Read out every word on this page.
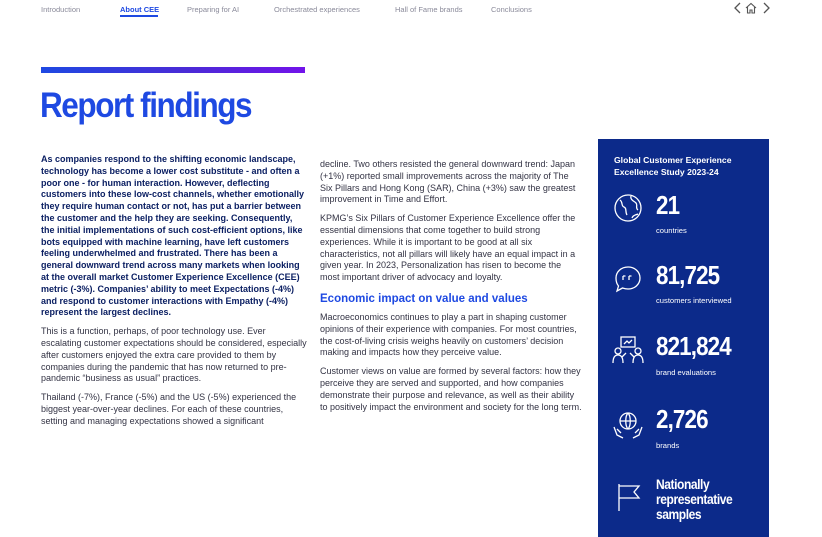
Introduction	About CEE	Preparing for AI	Orchestrated experiences	Hall of Fame brands	Conclusions
Report findings

As companies respond to the shifting economic landscape, technology has become a lower cost substitute - and often a poor one - for human interaction. However, deflecting customers into these low-cost channels, whether emotionally they require human contact or not, has put a barrier between the customer and the help they are seeking. Consequently, the initial implementations of such cost-efficient options, like bots equipped with machine learning, have left customers feeling underwhelmed and frustrated. There has been a general downward trend across many markets when looking at the overall market Customer Experience Excellence (CEE) metric (-3%). Companies’ ability to meet Expectations (-4%) and respond to customer interactions with Empathy (-4%) represent the largest declines.

This is a function, perhaps, of poor technology use. Ever escalating customer expectations should be considered, especially after customers enjoyed the extra care provided to them by companies during the pandemic that has now returned to pre-pandemic “business as usual” practices.

Thailand (-7%), France (-5%) and the US (-5%) experienced the biggest year-over-year declines. For each of these countries, setting and managing expectations showed a significant

decline. Two others resisted the general downward trend: Japan (+1%) reported small improvements across the majority of The Six Pillars and Hong Kong (SAR), China (+3%) saw the greatest improvement in Time and Effort.

KPMG’s Six Pillars of Customer Experience Excellence offer the essential dimensions that come together to build strong experiences. While it is important to be good at all six characteristics, not all pillars will likely have an equal impact in a given year. In 2023, Personalization has risen to become the most important driver of advocacy and loyalty.

Economic impact on value and values

Macroeconomics continues to play a part in shaping customer opinions of their experience with companies. For most countries, the cost-of-living crisis weighs heavily on customers’ decision making and impacts how they perceive value.

Customer views on value are formed by several factors: how they perceive they are served and supported, and how companies demonstrate their purpose and relevance, as well as their ability to positively impact the environment and society for the long term.

Global Customer Experience Excellence Study 2023-24
21
countries
81,725
customers interviewed
821,824
brand evaluations
2,726
brands
Nationally representative samples
